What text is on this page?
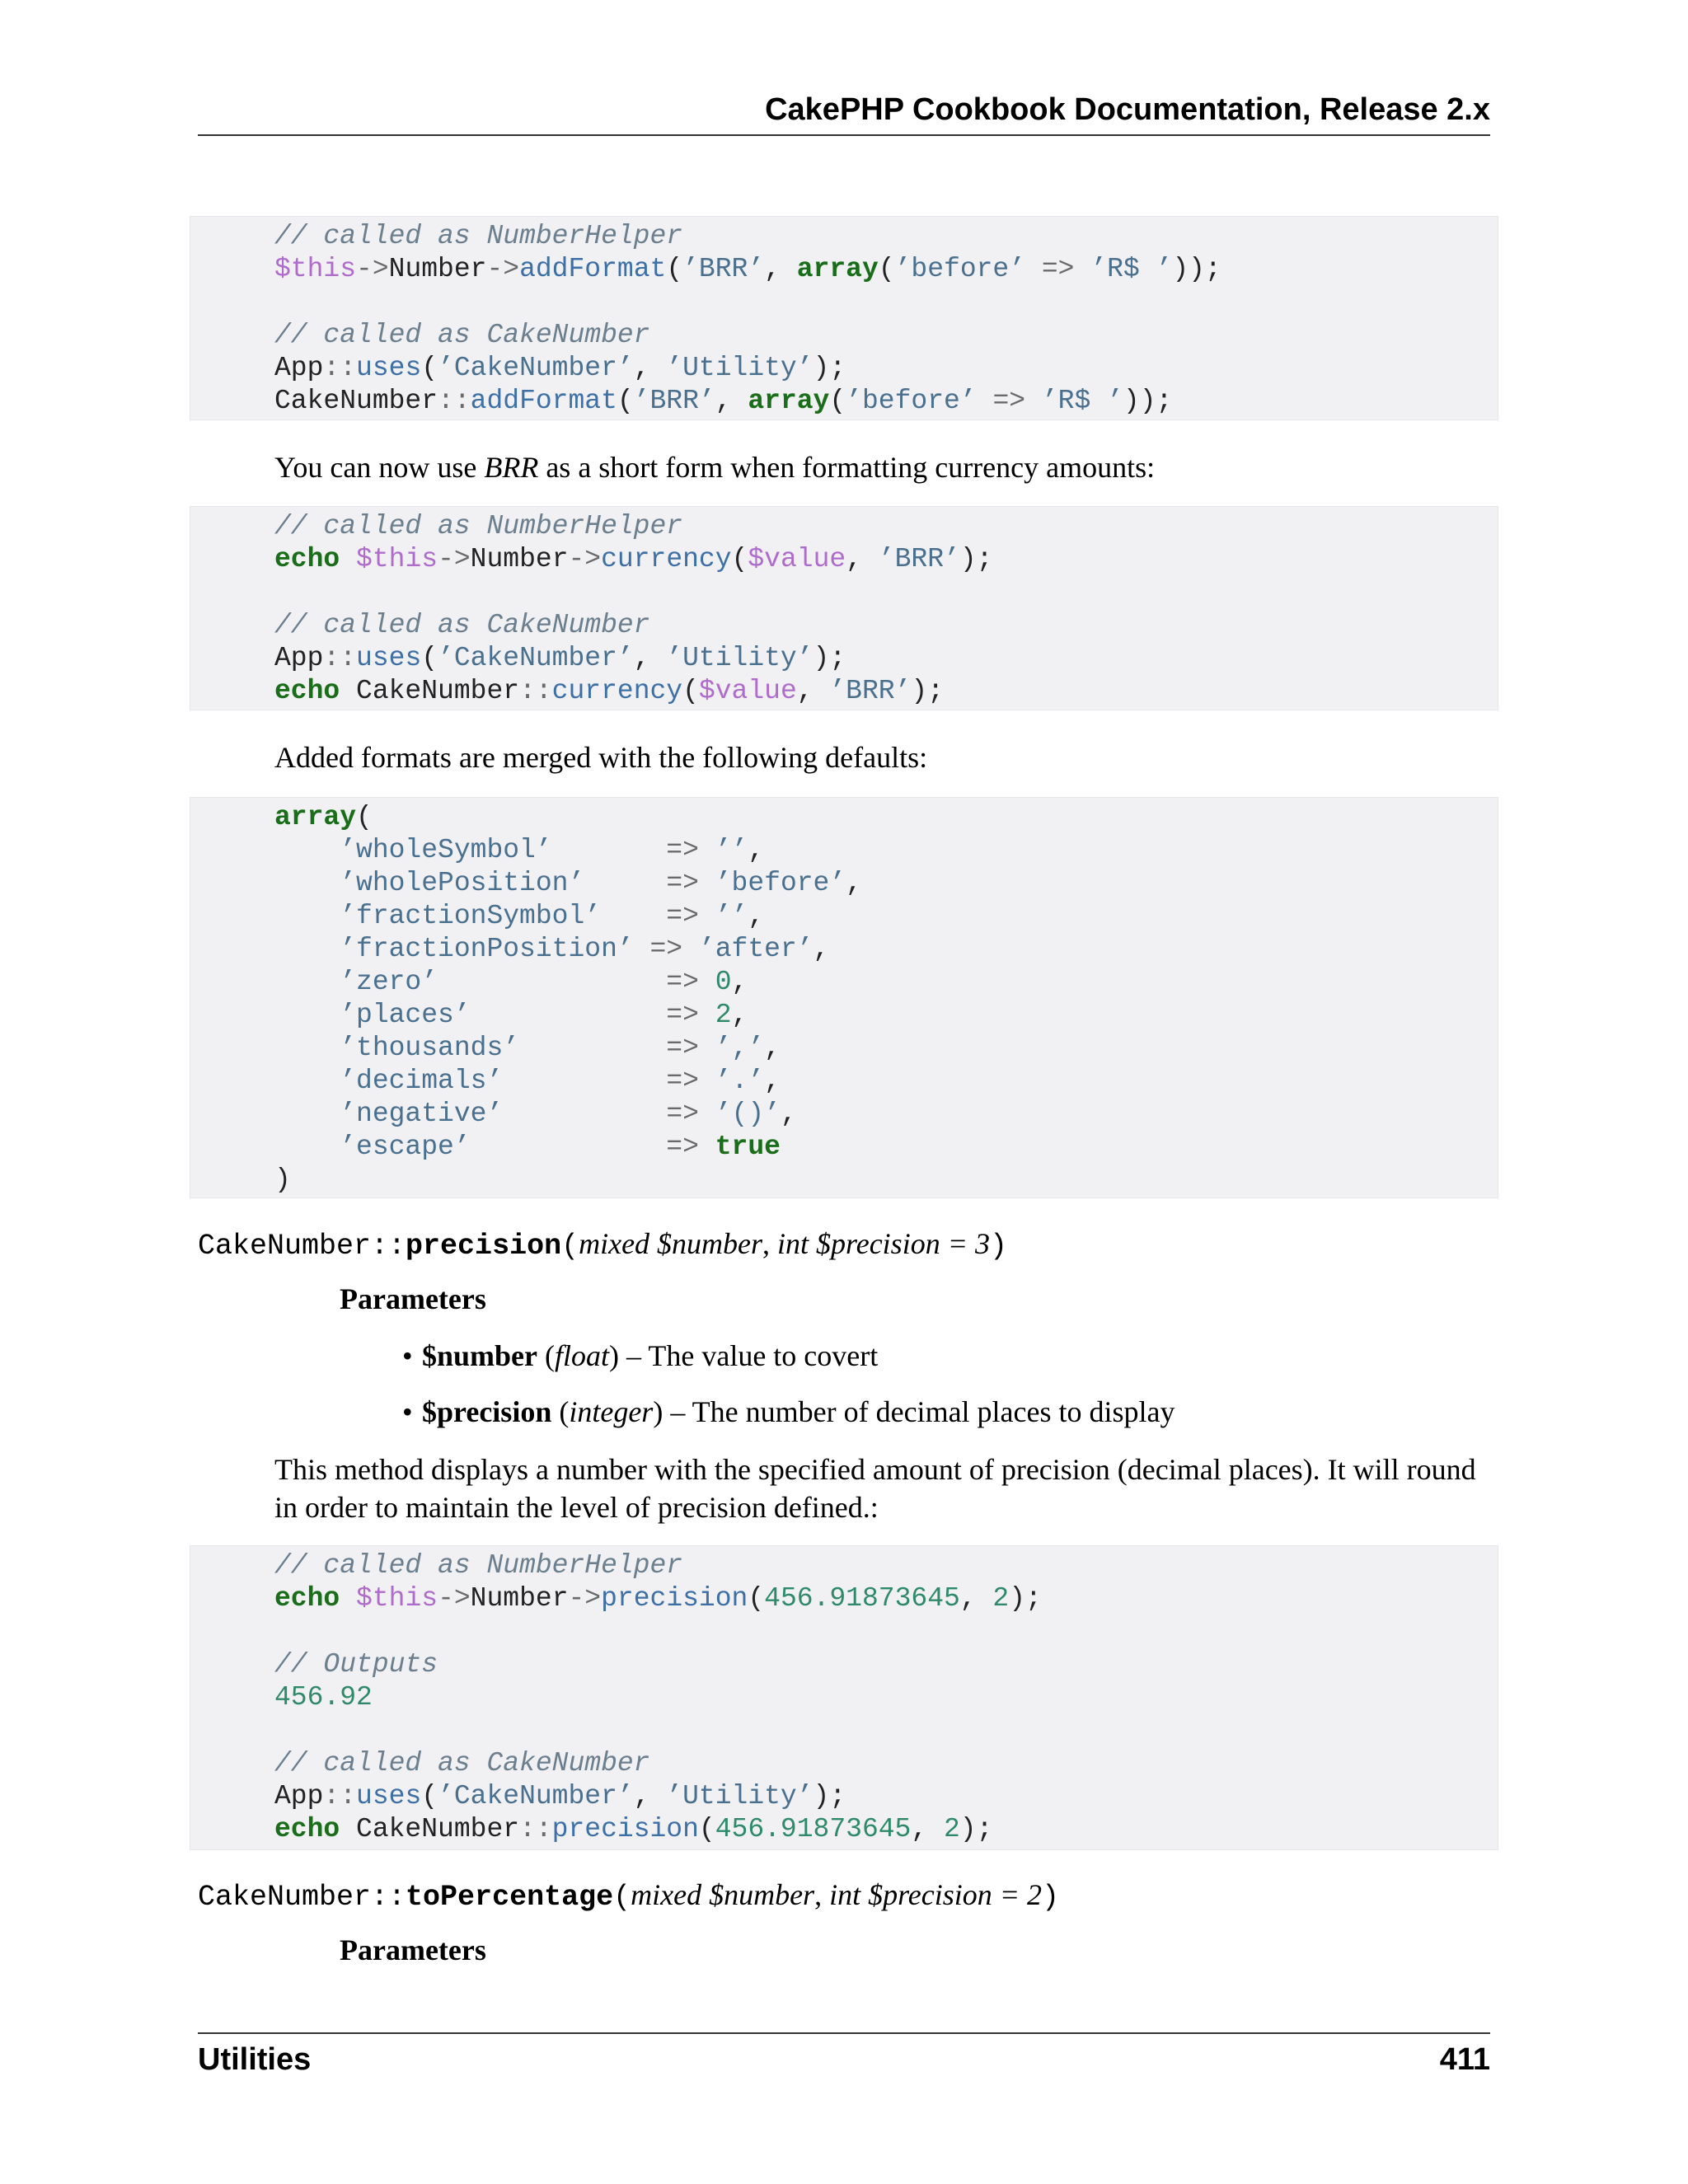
CakePHP Cookbook Documentation, Release 2.x
// called as NumberHelper
$this->Number->addFormat(’BRR’, array(’before’ => ’R$ ’));

// called as CakeNumber
App::uses(’CakeNumber’, ’Utility’);
CakeNumber::addFormat(’BRR’, array(’before’ => ’R$ ’));

You can now use BRR as a short form when formatting currency amounts:

// called as NumberHelper
echo $this->Number->currency($value, ’BRR’);

// called as CakeNumber
App::uses(’CakeNumber’, ’Utility’);
echo CakeNumber::currency($value, ’BRR’);

Added formats are merged with the following defaults:

array(
’wholeSymbol’	=> ’’,
’wholePosition’	=> ’before’,
’fractionSymbol’ => ’’,
’fractionPosition’ => ’after’,
’zero’	=> 0,
’places’	=> 2,
’thousands’	=> ’,’,
’decimals’	=> ’.’,
’negative’	=> ’()’,
’escape’	=> true
)
CakeNumber::precision(mixed $number, int $precision = 3)
Parameters
• $number (float) – The value to covert
• $precision (integer) – The number of decimal places to display

This method displays a number with the specified amount of precision (decimal places). It will round in order to maintain the level of precision defined.:

// called as NumberHelper
echo $this->Number->precision(456.91873645, 2);

// Outputs
456.92

// called as CakeNumber
App::uses(’CakeNumber’, ’Utility’);
echo CakeNumber::precision(456.91873645, 2);
CakeNumber::toPercentage(mixed $number, int $precision = 2)
Parameters
Utilities	411
